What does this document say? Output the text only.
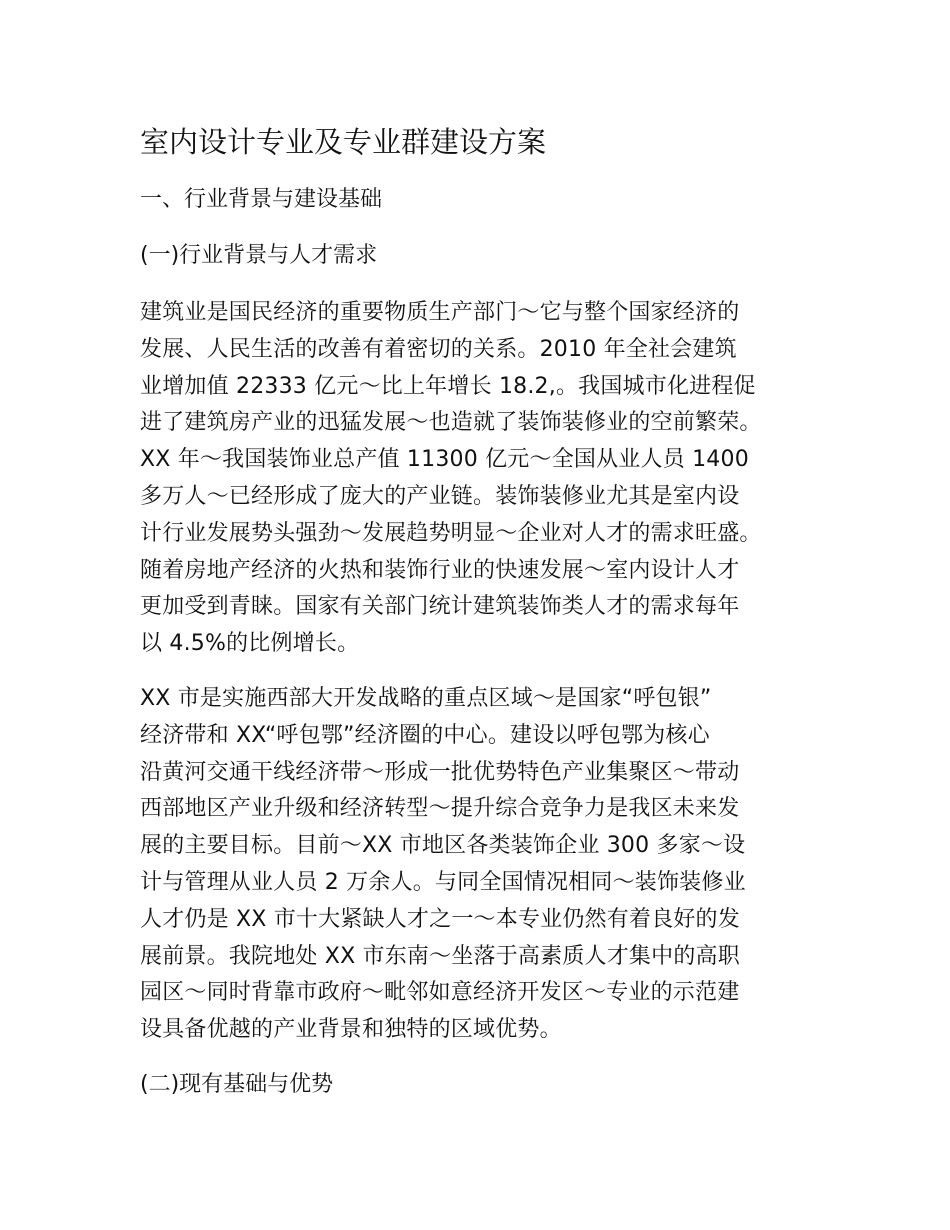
室内设计专业及专业群建设方案
一、行业背景与建设基础
(一)行业背景与人才需求
建筑业是国民经济的重要物质生产部门～它与整个国家经济的
发展、人民生活的改善有着密切的关系。2010 年全社会建筑
业增加值 22333 亿元～比上年增长 18.2,。我国城市化进程促
进了建筑房产业的迅猛发展～也造就了装饰装修业的空前繁荣。
XX 年～我国装饰业总产值 11300 亿元～全国从业人员 1400
多万人～已经形成了庞大的产业链。装饰装修业尤其是室内设
计行业发展势头强劲～发展趋势明显～企业对人才的需求旺盛。
随着房地产经济的火热和装饰行业的快速发展～室内设计人才
更加受到青睐。国家有关部门统计建筑装饰类人才的需求每年
以 4.5%的比例增长。
XX 市是实施西部大开发战略的重点区域～是国家“呼包银”
经济带和 XX“呼包鄂”经济圈的中心。建设以呼包鄂为核心
沿黄河交通干线经济带～形成一批优势特色产业集聚区～带动
西部地区产业升级和经济转型～提升综合竞争力是我区未来发
展的主要目标。目前～XX 市地区各类装饰企业 300 多家～设
计与管理从业人员 2 万余人。与同全国情况相同～装饰装修业
人才仍是 XX 市十大紧缺人才之一～本专业仍然有着良好的发
展前景。我院地处 XX 市东南～坐落于高素质人才集中的高职
园区～同时背靠市政府～毗邻如意经济开发区～专业的示范建
设具备优越的产业背景和独特的区域优势。
(二)现有基础与优势
